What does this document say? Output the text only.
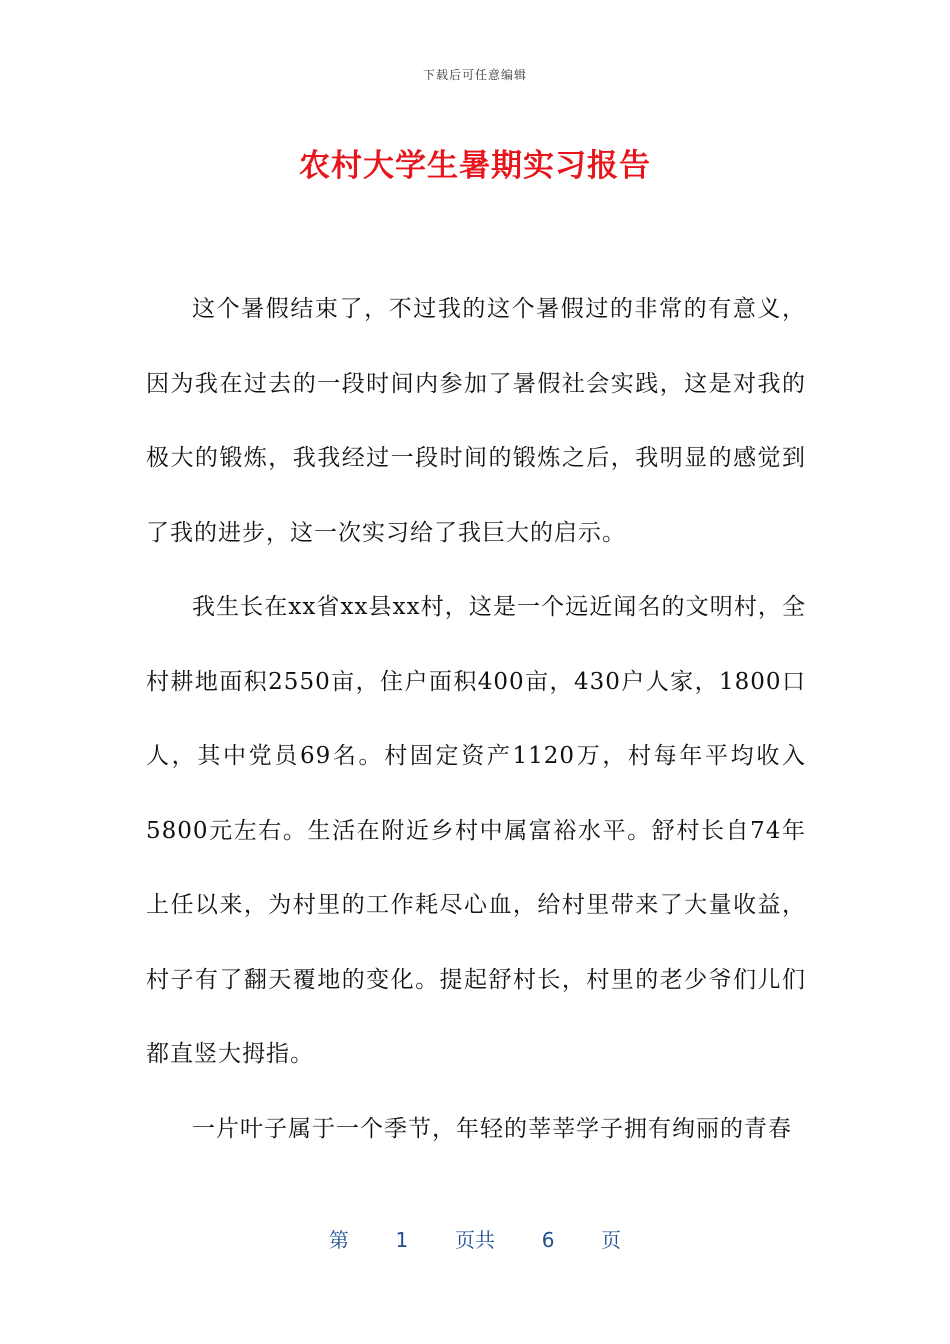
下载后可任意编辑
农村大学生暑期实习报告

这个暑假结束了，不过我的这个暑假过的非常的有意义，因为我在过去的一段时间内参加了暑假社会实践，这是对我的极大的锻炼，我我经过一段时间的锻炼之后，我明显的感觉到了我的进步，这一次实习给了我巨大的启示。

我生长在xx省xx县xx村，这是一个远近闻名的文明村，全村耕地面积2550亩，住户面积400亩，430户人家，1800口人，其中党员69名。村固定资产1120万，村每年平均收入5800元左右。生活在附近乡村中属富裕水平。舒村长自74年上任以来，为村里的工作耗尽心血，给村里带来了大量收益，村子有了翻天覆地的变化。提起舒村长，村里的老少爷们儿们都直竖大拇指。

一片叶子属于一个季节，年轻的莘莘学子拥有绚丽的青春

第 1 页共 6 页
